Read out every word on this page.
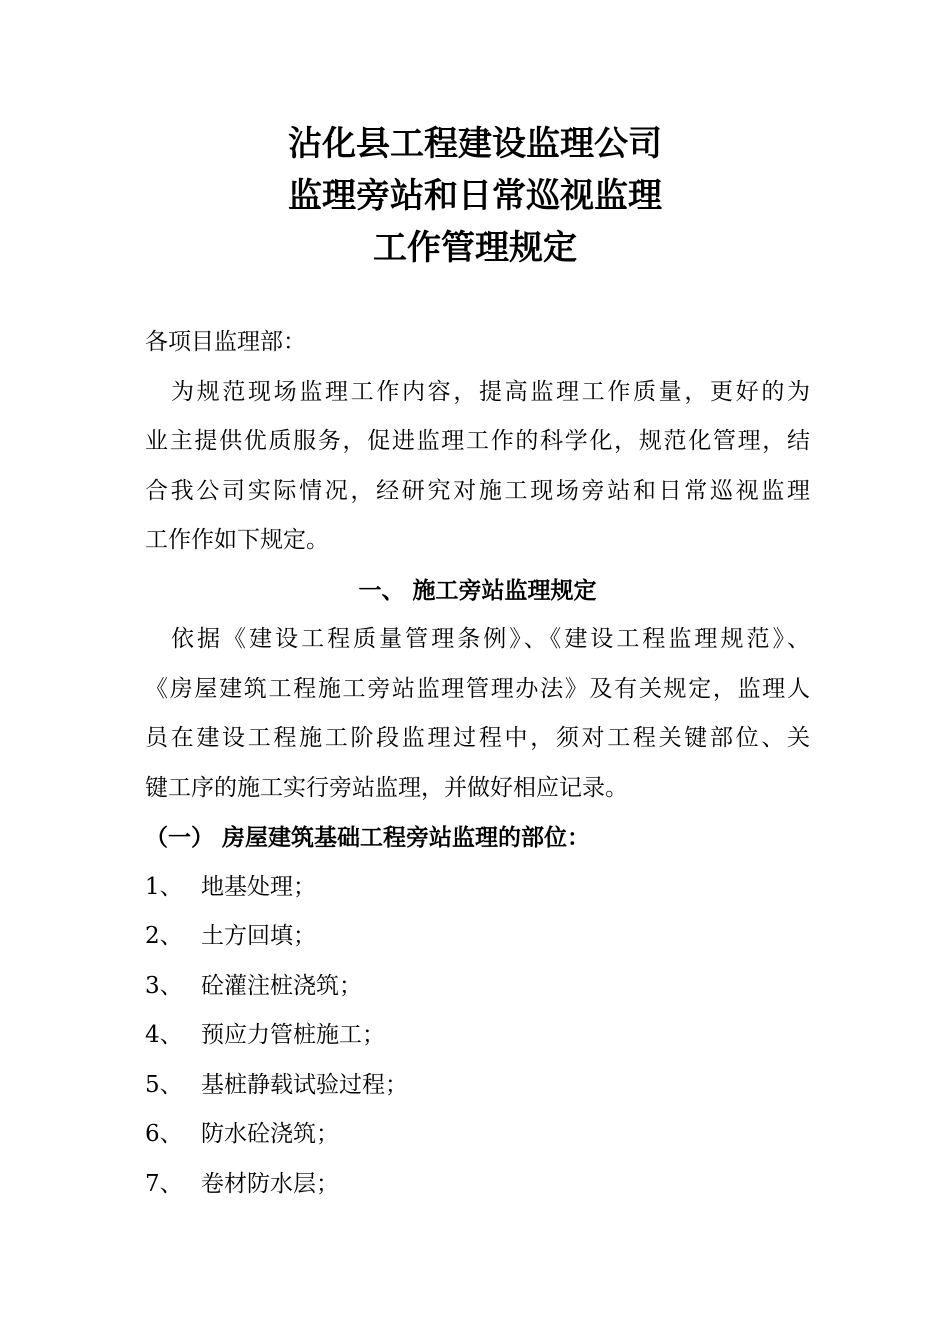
沾化县工程建设监理公司
监理旁站和日常巡视监理
工作管理规定
各项目监理部：
为规范现场监理工作内容，提高监理工作质量，更好的为
业主提供优质服务，促进监理工作的科学化，规范化管理，结
合我公司实际情况，经研究对施工现场旁站和日常巡视监理
工作作如下规定。
一、 施工旁站监理规定
依据《建设工程质量管理条例》、《建设工程监理规范》、
《房屋建筑工程施工旁站监理管理办法》及有关规定，监理人
员在建设工程施工阶段监理过程中，须对工程关键部位、关
键工序的施工实行旁站监理，并做好相应记录。
（一） 房屋建筑基础工程旁站监理的部位：
1、 地基处理；
2、 土方回填；
3、 砼灌注桩浇筑；
4、 预应力管桩施工；
5、 基桩静载试验过程；
6、 防水砼浇筑；
7、 卷材防水层；
